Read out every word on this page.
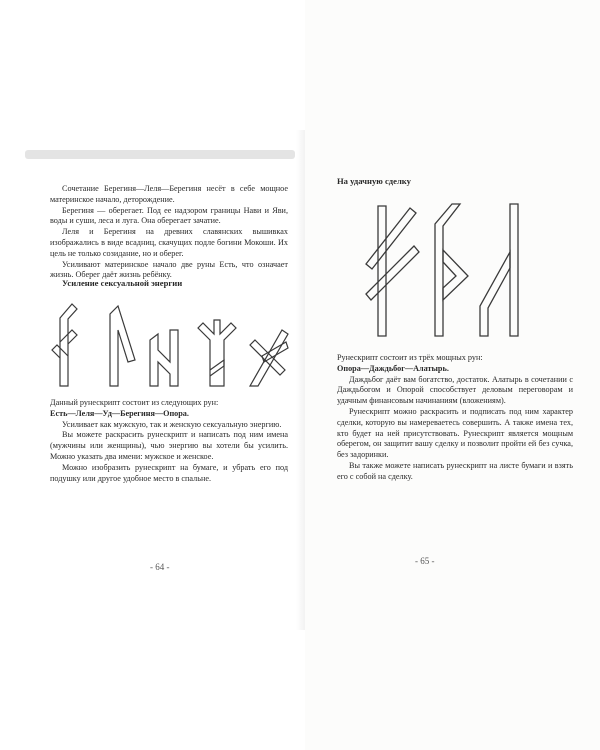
Сочетание Берегиня—Леля—Берегиня несёт в себе мощное материнское начало, деторождение.

Берегиня — оберегает. Под ее надзором границы Нави и Яви, воды и суши, леса и луга. Она оберегает зачатие.

Леля и Берегиня на древних славянских вышивках изображались в виде всадниц, скачущих подле богини Мокоши. Их цель не только созидание, но и оберег.

Усиливают материнское начало две руны Есть, что означает жизнь. Оберег даёт жизнь ребёнку.

Усиление сексуальной энергии

Данный рунескрипт состоит из следующих рун:

Есть—Леля—Уд—Берегиня—Опора.

Усиливает как мужскую, так и женскую сексуальную энергию.

Вы можете раскрасить рунескрипт и написать под ним имена (мужчины или женщины), чью энергию вы хотели бы усилить. Можно указать два имени: мужское и женское.

Можно изобразить рунескрипт на бумаге, и убрать его под подушку или другое удобное место в спальне.

- 64 -
На удачную сделку

Рунескрипт состоит из трёх мощных рун:

Опора—Даждьбог—Алатырь.

Даждьбог даёт вам богатство, достаток. Алатырь в сочетании с Даждьбогом и Опорой способствует деловым переговорам и удачным финансовым начинаниям (вложениям).

Рунескрипт можно раскрасить и подписать под ним характер сделки, которую вы намереваетесь совершить. А также имена тех, кто будет на ней присутствовать. Рунескрипт является мощным оберегом, он защитит вашу сделку и позволит пройти ей без сучка, без задоринки.

Вы также можете написать рунескрипт на листе бумаги и взять его с собой на сделку.

- 65 -
